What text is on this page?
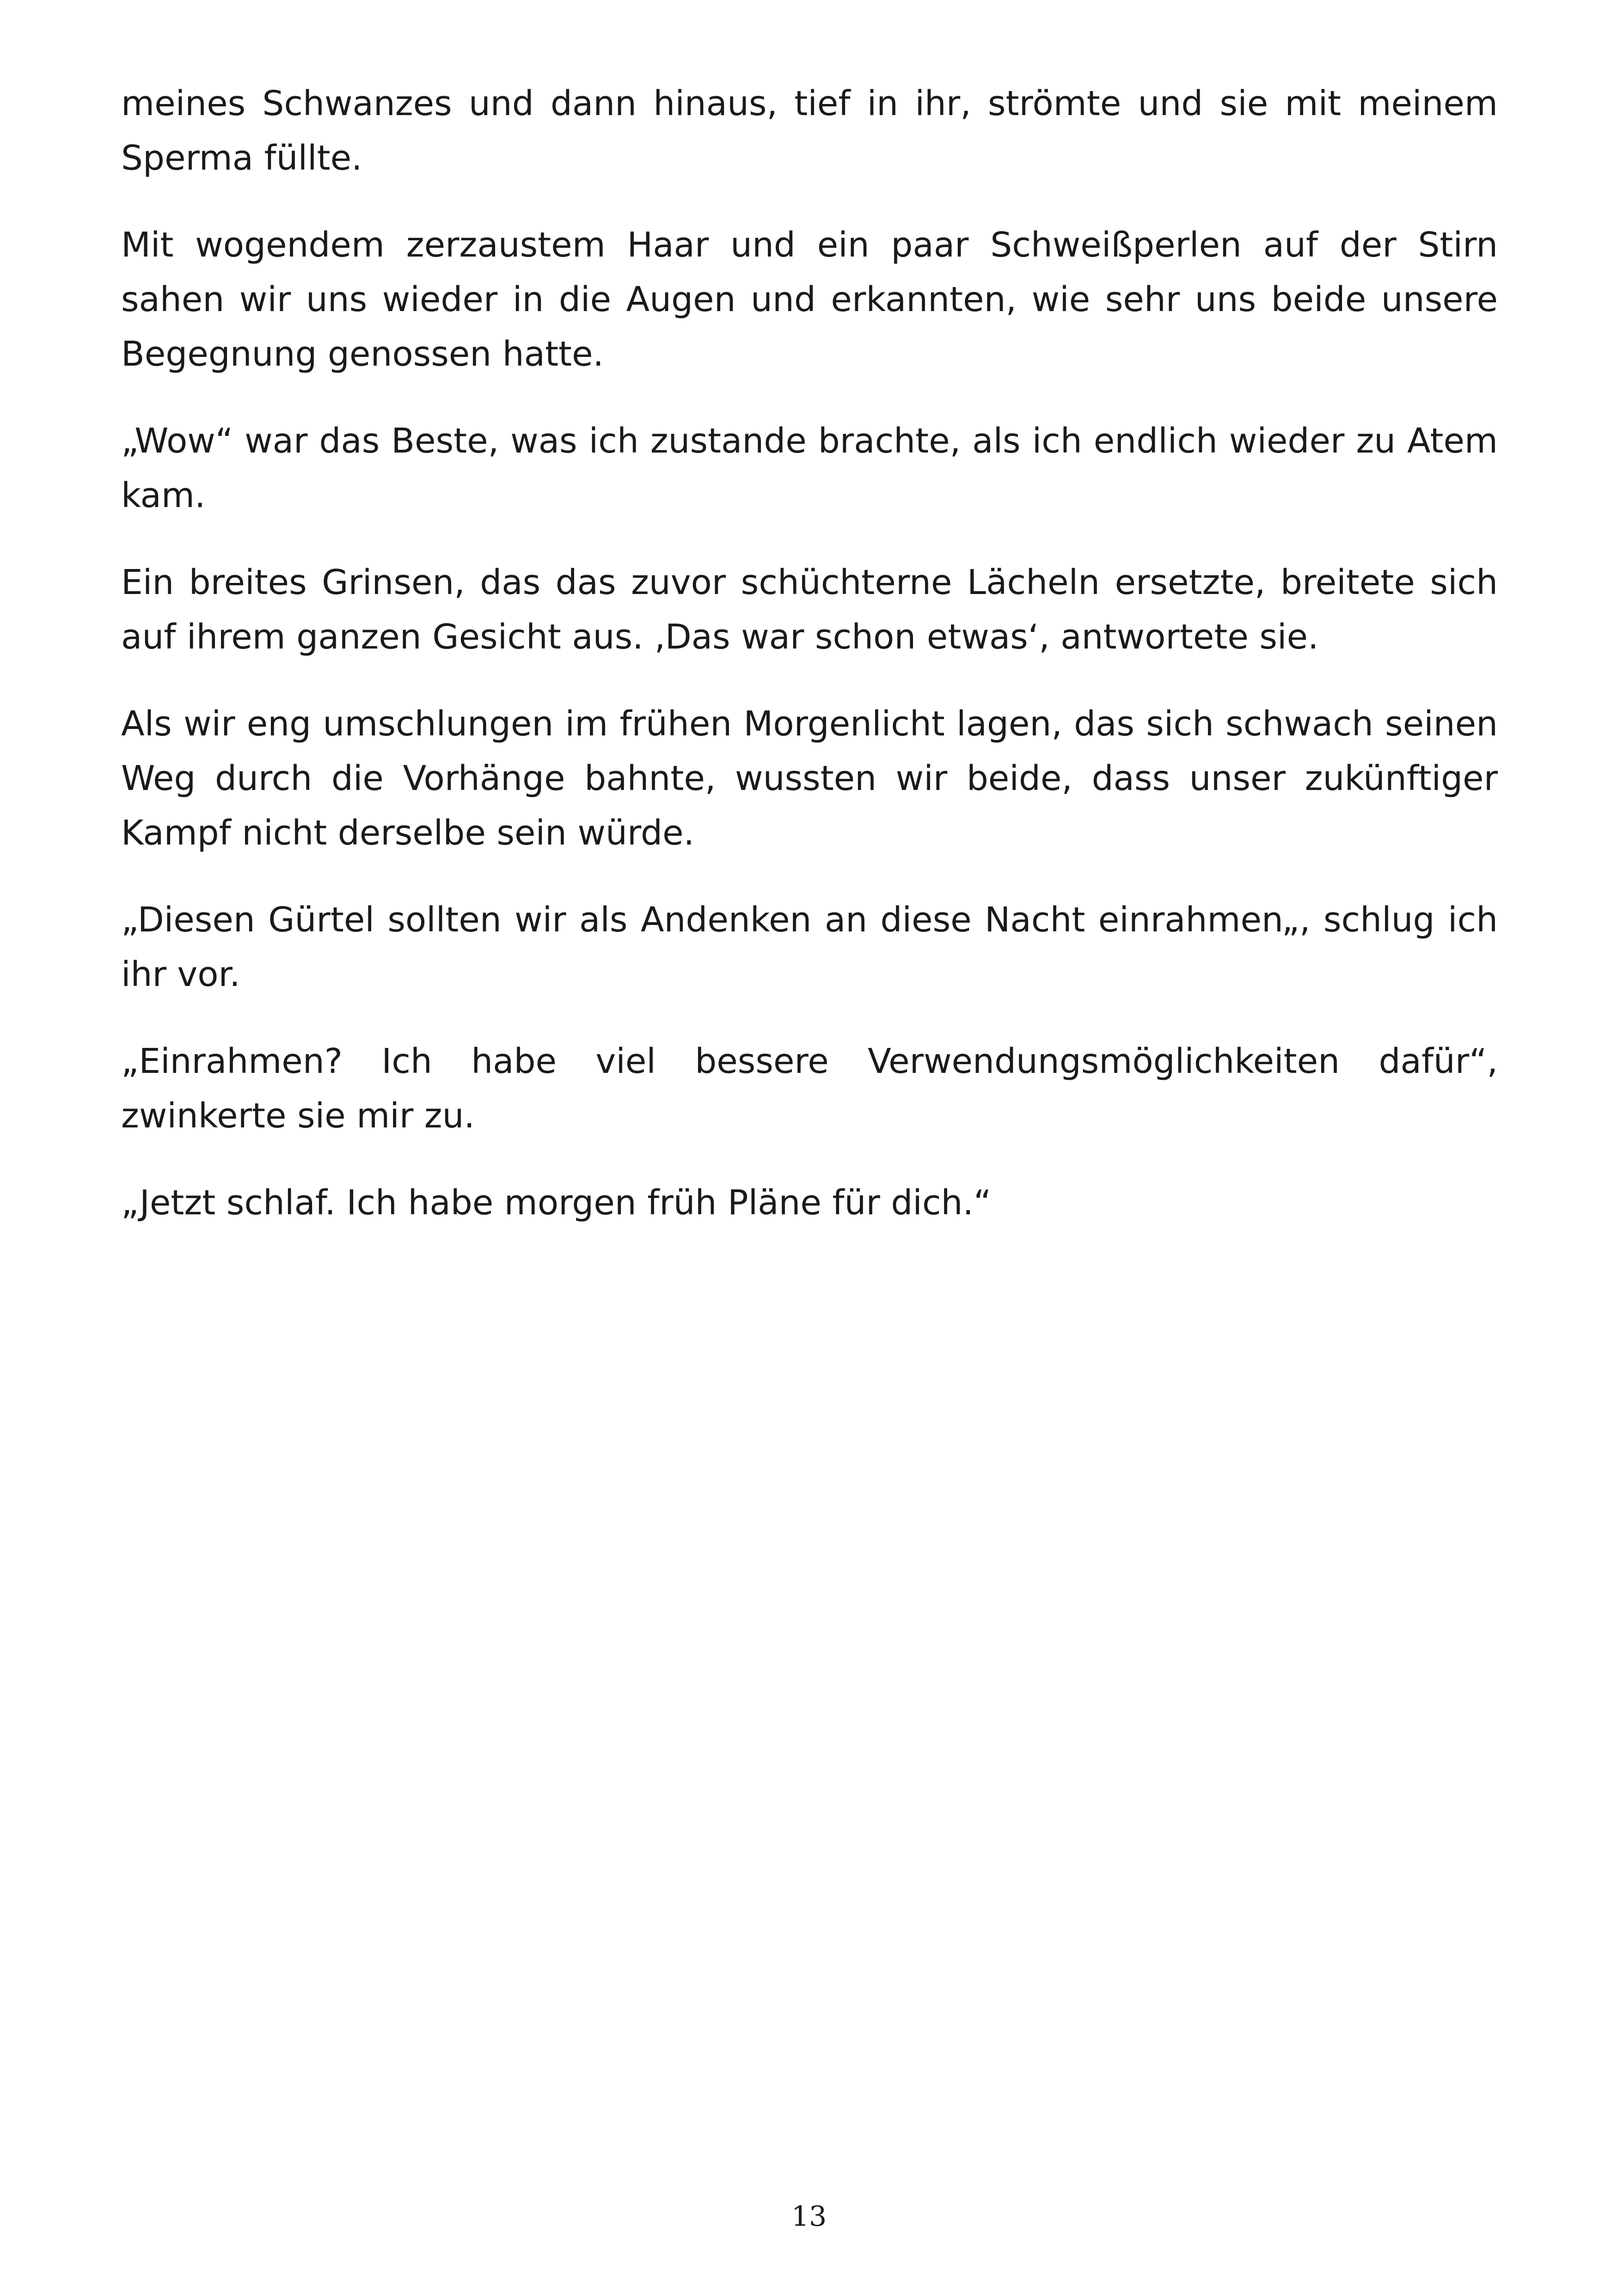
meines Schwanzes und dann hinaus, tief in ihr, strömte und sie mit meinem Sperma füllte.

Mit wogendem zerzaustem Haar und ein paar Schweißperlen auf der Stirn sahen wir uns wieder in die Augen und erkannten, wie sehr uns beide unsere Begegnung genossen hatte.

„Wow“ war das Beste, was ich zustande brachte, als ich endlich wieder zu Atem kam.

Ein breites Grinsen, das das zuvor schüchterne Lächeln ersetzte, breitete sich auf ihrem ganzen Gesicht aus. ‚Das war schon etwas‘, antwortete sie.

Als wir eng umschlungen im frühen Morgenlicht lagen, das sich schwach seinen Weg durch die Vorhänge bahnte, wussten wir beide, dass unser zukünftiger Kampf nicht derselbe sein würde.

„Diesen Gürtel sollten wir als Andenken an diese Nacht einrahmen„, schlug ich ihr vor.

„Einrahmen? Ich habe viel bessere Verwendungsmöglichkeiten dafür“, zwinkerte sie mir zu.

„Jetzt schlaf. Ich habe morgen früh Pläne für dich.“

13
